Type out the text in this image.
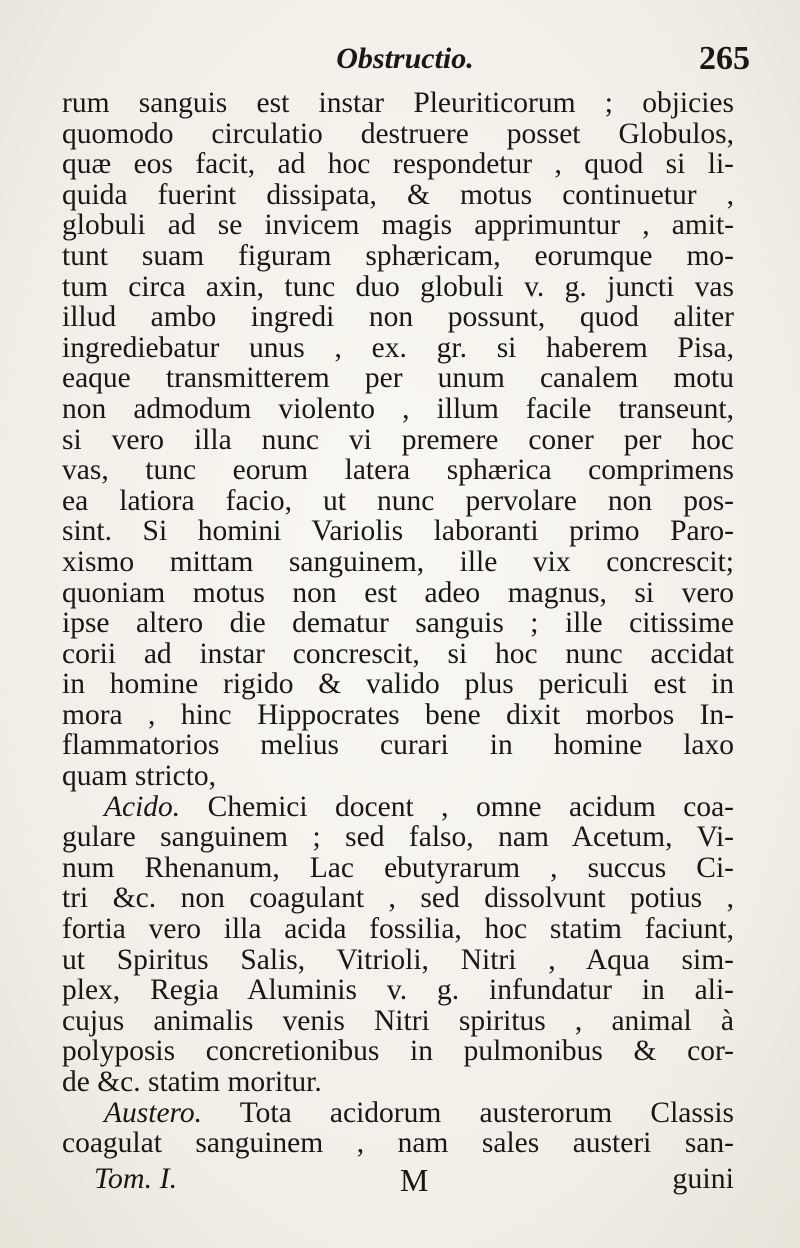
Obstructio.	265
rum sanguis est instar Pleuriticorum ; objicies
quomodo circulatio destruere posset Globulos,
quæ eos facit, ad hoc respondetur , quod si li-
quida fuerint dissipata, & motus continuetur ,
globuli ad se invicem magis apprimuntur , amit-
tunt suam figuram sphæricam, eorumque mo-
tum circa axin, tunc duo globuli v. g. juncti vas
illud ambo ingredi non possunt, quod aliter
ingrediebatur unus , ex. gr. si haberem Pisa,
eaque transmitterem per unum canalem motu
non admodum violento , illum facile transeunt,
si vero illa nunc vi premere coner per hoc
vas, tunc eorum latera sphærica comprimens
ea latiora facio, ut nunc pervolare non pos-
sint. Si homini Variolis laboranti primo Paro-
xismo mittam sanguinem, ille vix concrescit;
quoniam motus non est adeo magnus, si vero
ipse altero die dematur sanguis ; ille citissime
corii ad instar concrescit, si hoc nunc accidat
in homine rigido & valido plus periculi est in
mora , hinc Hippocrates bene dixit morbos In-
flammatorios melius curari in homine laxo
quam stricto,
Acido. Chemici docent , omne acidum coa-
gulare sanguinem ; sed falso, nam Acetum, Vi-
num Rhenanum, Lac ebutyrarum , succus Ci-
tri &c. non coagulant , sed dissolvunt potius ,
fortia vero illa acida fossilia, hoc statim faciunt,
ut Spiritus Salis, Vitrioli, Nitri , Aqua sim-
plex, Regia Aluminis v. g. infundatur in ali-
cujus animalis venis Nitri spiritus , animal à
polyposis concretionibus in pulmonibus & cor-
de &c. statim moritur.
Austero. Tota acidorum austerorum Classis
coagulat sanguinem , nam sales austeri san-
Tom. I.	M	guini
